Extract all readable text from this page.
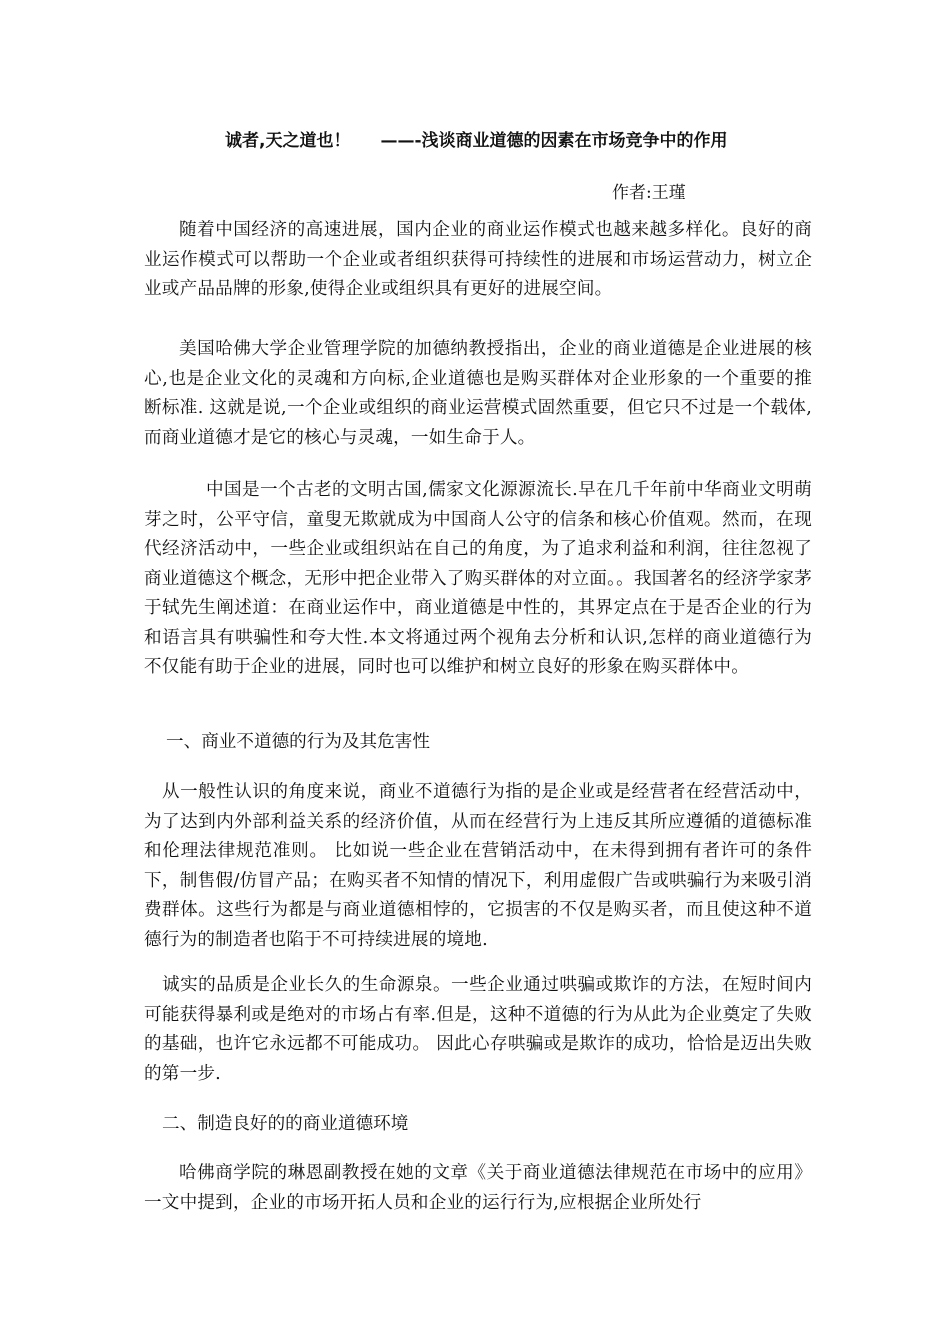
诚者,天之道也！ ——-浅谈商业道德的因素在市场竞争中的作用
作者:王瑾

随着中国经济的高速进展，国内企业的商业运作模式也越来越多样化。良好的商业运作模式可以帮助一个企业或者组织获得可持续性的进展和市场运营动力，树立企业或产品品牌的形象,使得企业或组织具有更好的进展空间。

美国哈佛大学企业管理学院的加德纳教授指出，企业的商业道德是企业进展的核心,也是企业文化的灵魂和方向标,企业道德也是购买群体对企业形象的一个重要的推断标准. 这就是说,一个企业或组织的商业运营模式固然重要，但它只不过是一个载体,而商业道德才是它的核心与灵魂，一如生命于人。

中国是一个古老的文明古国,儒家文化源源流长.早在几千年前中华商业文明萌芽之时，公平守信，童叟无欺就成为中国商人公守的信条和核心价值观。然而，在现 代经济活动中，一些企业或组织站在自己的角度，为了追求利益和利润，往往忽视了商业道德这个概念，无形中把企业带入了购买群体的对立面。。我国著名的经济学家茅于轼先生阐述道：在商业运作中，商业道德是中性的，其界定点在于是否企业的行为和语言具有哄骗性和夸大性.本文将通过两个视角去分析和认识,怎样的商业道德行为不仅能有助于企业的进展，同时也可以维护和树立良好的形象在购买群体中。

一、商业不道德的行为及其危害性

从一般性认识的角度来说，商业不道德行为指的是企业或是经营者在经营活动中，为了达到内外部利益关系的经济价值，从而在经营行为上违反其所应遵循的道德标准和伦理法律规范准则。 比如说一些企业在营销活动中，在未得到拥有者许可的条件下，制售假/仿冒产品；在购买者不知情的情况下，利用虚假广告或哄骗行为来吸引消费群体。这些行为都是与商业道德相悖的，它损害的不仅是购买者，而且使这种不道德行为的制造者也陷于不可持续进展的境地.

诚实的品质是企业长久的生命源泉。一些企业通过哄骗或欺诈的方法，在短时间内可能获得暴利或是绝对的市场占有率.但是，这种不道德的行为从此为企业奠定了失败的基础，也许它永远都不可能成功。 因此心存哄骗或是欺诈的成功，恰恰是迈出失败的第一步.

二、制造良好的的商业道德环境

哈佛商学院的琳恩副教授在她的文章《关于商业道德法律规范在市场中的应用》一文中提到，企业的市场开拓人员和企业的运行行为,应根据企业所处行
